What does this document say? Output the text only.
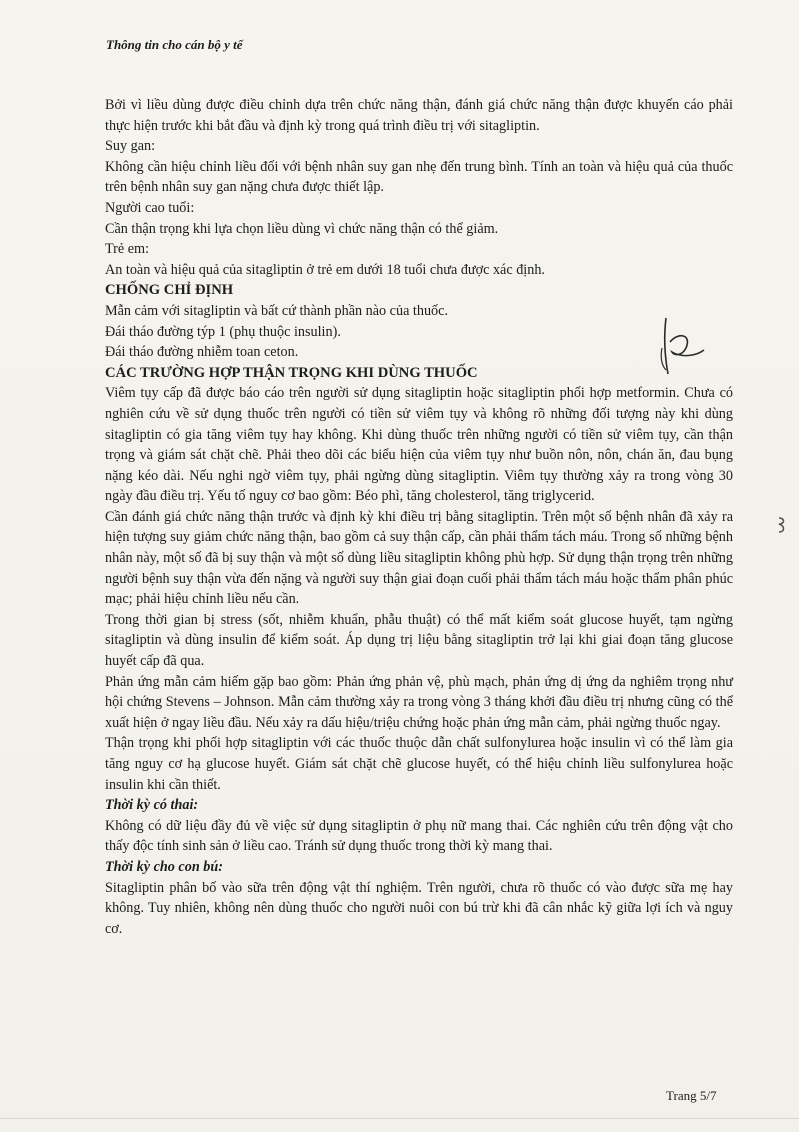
Thông tin cho cán bộ y tế

Bởi vì liều dùng được điều chỉnh dựa trên chức năng thận, đánh giá chức năng thận được khuyến cáo phải thực hiện trước khi bắt đầu và định kỳ trong quá trình điều trị với sitagliptin.

Suy gan:

Không cần hiệu chỉnh liều đối với bệnh nhân suy gan nhẹ đến trung bình. Tính an toàn và hiệu quả của thuốc trên bệnh nhân suy gan nặng chưa được thiết lập.

Người cao tuổi:

Cần thận trọng khi lựa chọn liều dùng vì chức năng thận có thể giảm.

Trẻ em:

An toàn và hiệu quả của sitagliptin ở trẻ em dưới 18 tuổi chưa được xác định.

CHỐNG CHỈ ĐỊNH

Mẫn cảm với sitagliptin và bất cứ thành phần nào của thuốc.

Đái tháo đường týp 1 (phụ thuộc insulin).

Đái tháo đường nhiễm toan ceton.

CÁC TRƯỜNG HỢP THẬN TRỌNG KHI DÙNG THUỐC

Viêm tụy cấp đã được báo cáo trên người sử dụng sitagliptin hoặc sitagliptin phối hợp metformin. Chưa có nghiên cứu về sử dụng thuốc trên người có tiền sử viêm tụy và không rõ những đối tượng này khi dùng sitagliptin có gia tăng viêm tụy hay không. Khi dùng thuốc trên những người có tiền sử viêm tụy, cần thận trọng và giám sát chặt chẽ. Phải theo dõi các biểu hiện của viêm tụy như buồn nôn, nôn, chán ăn, đau bụng nặng kéo dài. Nếu nghi ngờ viêm tụy, phải ngừng dùng sitagliptin. Viêm tụy thường xảy ra trong vòng 30 ngày đầu điều trị. Yếu tố nguy cơ bao gồm: Béo phì, tăng cholesterol, tăng triglycerid.

Cần đánh giá chức năng thận trước và định kỳ khi điều trị bằng sitagliptin. Trên một số bệnh nhân đã xảy ra hiện tượng suy giảm chức năng thận, bao gồm cả suy thận cấp, cần phải thẩm tách máu. Trong số những bệnh nhân này, một số đã bị suy thận và một số dùng liều sitagliptin không phù hợp. Sử dụng thận trọng trên những người bệnh suy thận vừa đến nặng và người suy thận giai đoạn cuối phải thẩm tách máu hoặc thẩm phân phúc mạc; phải hiệu chỉnh liều nếu cần.

Trong thời gian bị stress (sốt, nhiễm khuẩn, phẫu thuật) có thể mất kiểm soát glucose huyết, tạm ngừng sitagliptin và dùng insulin để kiểm soát. Áp dụng trị liệu bằng sitagliptin trở lại khi giai đoạn tăng glucose huyết cấp đã qua.

Phản ứng mẫn cảm hiếm gặp bao gồm: Phản ứng phản vệ, phù mạch, phản ứng dị ứng da nghiêm trọng như hội chứng Stevens – Johnson. Mẫn cảm thường xảy ra trong vòng 3 tháng khởi đầu điều trị nhưng cũng có thể xuất hiện ở ngay liều đầu. Nếu xảy ra dấu hiệu/triệu chứng hoặc phản ứng mẫn cảm, phải ngừng thuốc ngay.

Thận trọng khi phối hợp sitagliptin với các thuốc thuộc dẫn chất sulfonylurea hoặc insulin vì có thể làm gia tăng nguy cơ hạ glucose huyết. Giám sát chặt chẽ glucose huyết, có thể hiệu chỉnh liều sulfonylurea hoặc insulin khi cần thiết.

Thời kỳ có thai:

Không có dữ liệu đầy đủ về việc sử dụng sitagliptin ở phụ nữ mang thai. Các nghiên cứu trên động vật cho thấy độc tính sinh sản ở liều cao. Tránh sử dụng thuốc trong thời kỳ mang thai.

Thời kỳ cho con bú:

Sitagliptin phân bố vào sữa trên động vật thí nghiệm. Trên người, chưa rõ thuốc có vào được sữa mẹ hay không. Tuy nhiên, không nên dùng thuốc cho người nuôi con bú trừ khi đã cân nhắc kỹ giữa lợi ích và nguy cơ.

Trang 5/7
